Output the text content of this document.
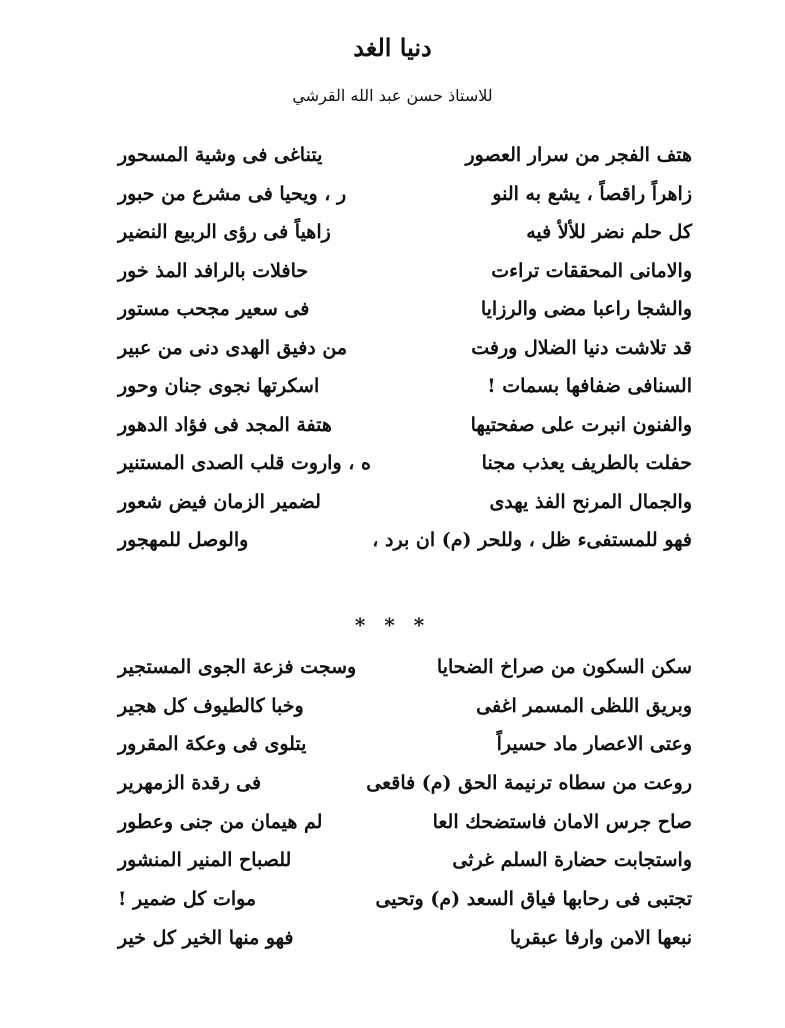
دنيا الغد
للاستاذ حسن عبد الله القرشي
هتف الفجر من سرار العصور
يتناغى فى وشية المسحور
زاهراً راقصاً ، يشع به النو
ر ، ويحيا فى مشرع من حبور
كل حلم نضر للألأ فيه
زاهياً فى رؤى الربيع النضير
والامانى المحققات تراءت
حافلات بالرافد المذ خور
والشجا راعبا مضى والرزايا
فى سعير مجحب مستور
قد تلاشت دنيا الضلال ورفت
من دفيق الهدى دنى من عبير
السنافى ضفافها بسمات !
اسكرتها نجوى جنان وحور
والفنون انبرت على صفحتيها
هتفة المجد فى فؤاد الدهور
حفلت بالطريف يعذب مجنا
ه ، واروت قلب الصدى المستنير
والجمال المرنح الفذ يهدى
لضمير الزمان فيض شعور
فهو للمستفىء ظل ، وللحر (م) ان برد ،
والوصل للمهجور
* * *
سكن السكون من صراخ الضحايا
وسجت فزعة الجوى المستجير
وبريق اللظى المسمر اغفى
وخبا كالطيوف كل هجير
وعتى الاعصار ماد حسيراً
يتلوى فى وعكة المقرور
روعت من سطاه ترنيمة الحق (م) فاقعى
فى رقدة الزمهرير
صاح جرس الامان فاستضحك العا
لم هيمان من جنى وعطور
واستجابت حضارة السلم غرثى
للصباح المنير المنشور
تجتبى فى رحابها فياق السعد (م) وتحيى
موات كل ضمير !
نبعها الامن وارفا عبقريا
فهو منها الخير كل خير
